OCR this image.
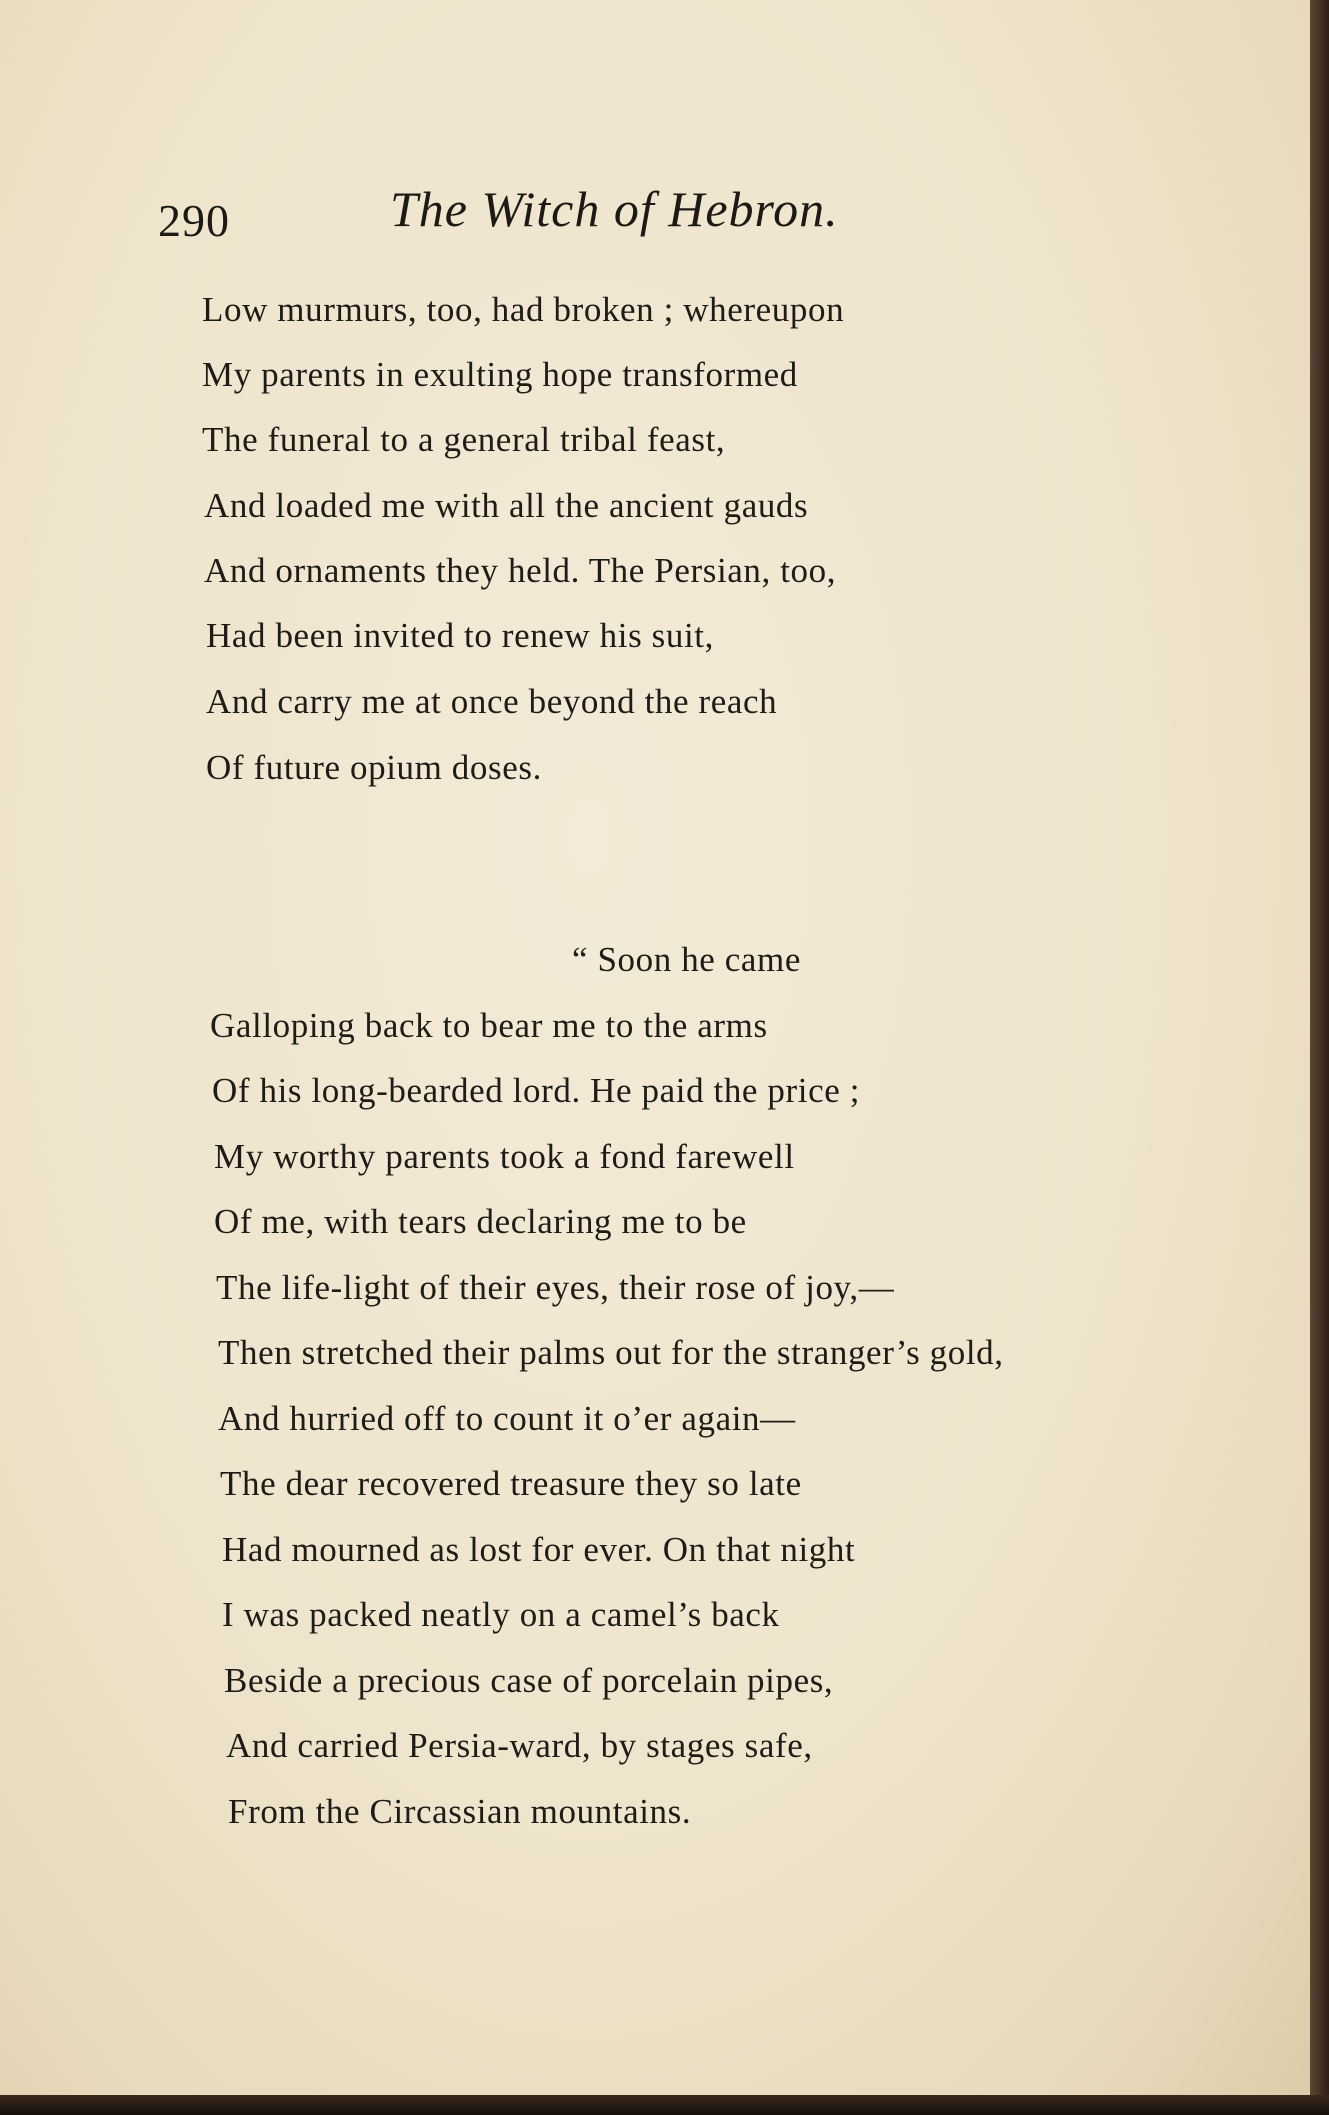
290	The Witch of Hebron.
Low murmurs, too, had broken ; whereupon
My parents in exulting hope transformed
The funeral to a general tribal feast,
And loaded me with all the ancient gauds
And ornaments they held. The Persian, too,
Had been invited to renew his suit,
And carry me at once beyond the reach
Of future opium doses.
“ Soon he came
Galloping back to bear me to the arms
Of his long-bearded lord. He paid the price ;
My worthy parents took a fond farewell
Of me, with tears declaring me to be
The life-light of their eyes, their rose of joy,—
Then stretched their palms out for the stranger’s gold,
And hurried off to count it o’er again—
The dear recovered treasure they so late
Had mourned as lost for ever. On that night
I was packed neatly on a camel’s back
Beside a precious case of porcelain pipes,
And carried Persia-ward, by stages safe,
From the Circassian mountains.
